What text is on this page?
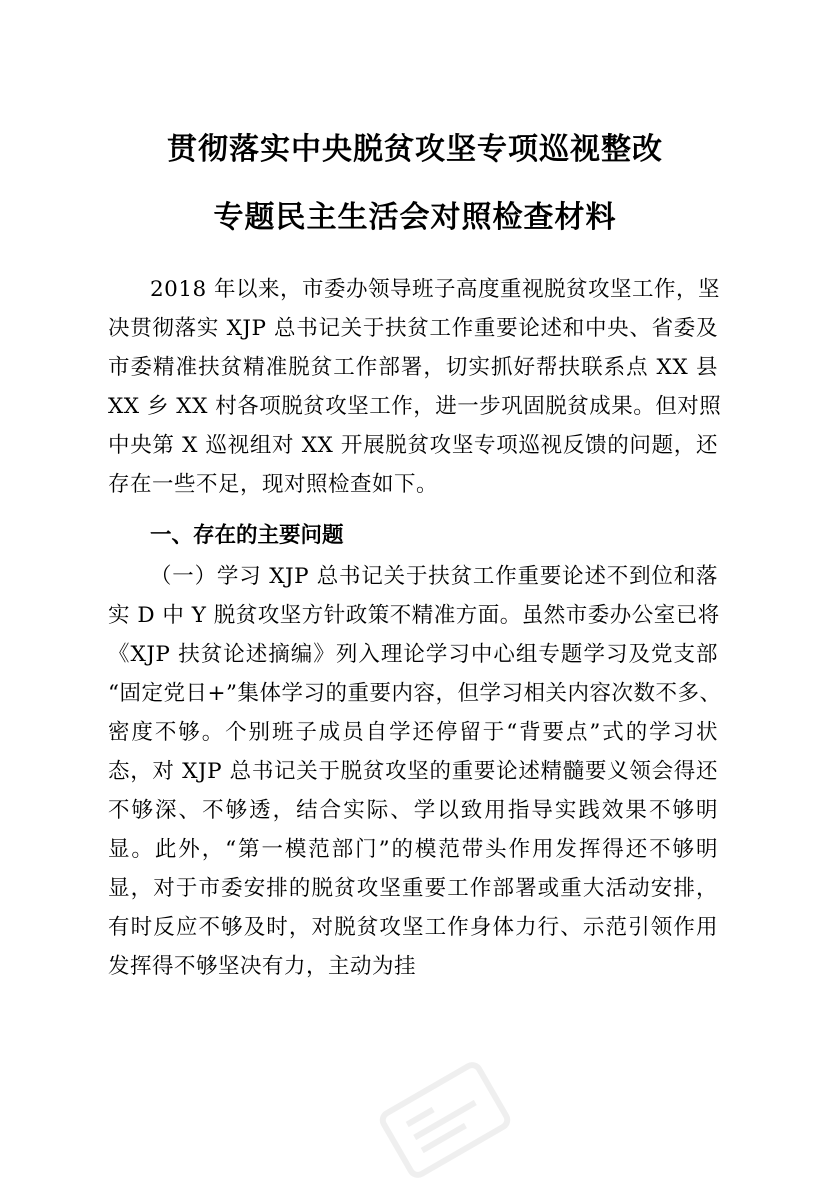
贯彻落实中央脱贫攻坚专项巡视整改
专题民主生活会对照检查材料
2018 年以来，市委办领导班子高度重视脱贫攻坚工作，坚
决贯彻落实 XJP 总书记关于扶贫工作重要论述和中央、省委及
市委精准扶贫精准脱贫工作部署，切实抓好帮扶联系点 XX 县
XX 乡 XX 村各项脱贫攻坚工作，进一步巩固脱贫成果。但对照
中央第 X 巡视组对 XX 开展脱贫攻坚专项巡视反馈的问题，还
存在一些不足，现对照检查如下。
一、存在的主要问题
（一）学习 XJP 总书记关于扶贫工作重要论述不到位和落
实 D 中 Y 脱贫攻坚方针政策不精准方面。虽然市委办公室已将
《XJP 扶贫论述摘编》列入理论学习中心组专题学习及党支部
“固定党日+”集体学习的重要内容，但学习相关内容次数不多、
密度不够。个别班子成员自学还停留于“背要点”式的学习状
态，对 XJP 总书记关于脱贫攻坚的重要论述精髓要义领会得还
不够深、不够透，结合实际、学以致用指导实践效果不够明
显。此外，“第一模范部门”的模范带头作用发挥得还不够明
显，对于市委安排的脱贫攻坚重要工作部署或重大活动安排，
有时反应不够及时，对脱贫攻坚工作身体力行、示范引领作用
发挥得不够坚决有力，主动为挂
